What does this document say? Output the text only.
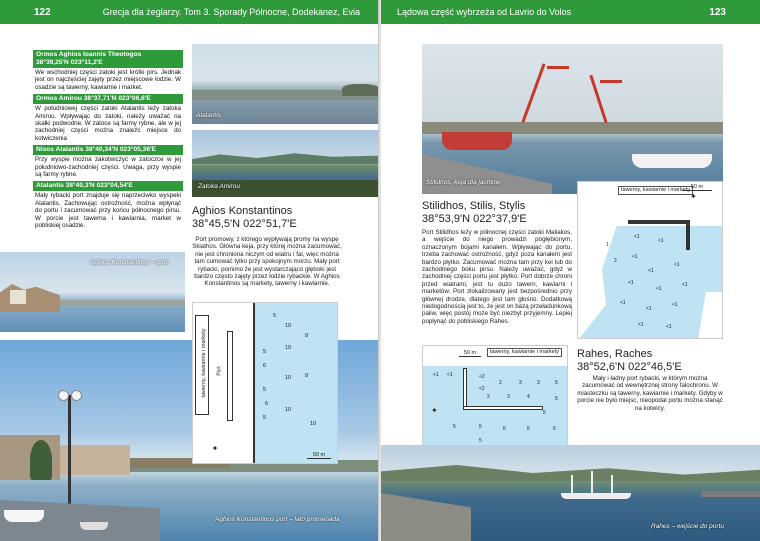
122	Grecja dla żeglarzy. Tom 3. Sporady Północne, Dodekanez, Evia
Ormos Aghios Ioannis Theologos
38°39,25'N 023°11,2'E
We wschodniej części zatoki jest krótki pirs. Jednak jest on najczęściej zajęty przez miejscowe łodzie. W osadzie są tawerny, kawiarnie i market.
Ormos Amirou 38°37,71'N 023°06,6'E
W południowej części zatoki Atalantis leży zatoka Amirou. Wpływając do zatoki, należy uważać na skałki podwodne. W zatoce są farmy rybne, ale w jej zachodniej części można znaleźć miejsce do kotwiczenia
Nisos Atalantis 38°40,34'N 023°05,36'E
Przy wyspie można zakotwiczyć w zatoczce w jej południowo-zachodniej części. Uwaga, przy wyspie są farmy rybne.
Atalantis 38°40,3'N 023°04,54'E
Mały rybacki port znajduje się naprzeciwko wyspeki Atalantis. Zachowując ostrożność, można wpłynąć do portu i zacumować przy końcu północnego pirsu. W porcie jest tawerna i kawiarnia, market w pobliskiej osadzie.
Atalantis
Zatoka Amirou
Aghios Konstantinos – port
Aghios Konstantinos port – lato promenada
Aghios Konstantinos
38°45,5'N 022°51,7'E
Port promowy, z którego wypływają promy na wyspę Skiathos. Główna keja, przy której można zacumować, nie jest chroniona niczym od wiatru i fal, więc można tam cumować tylko przy spokojnym morzu. Mały port rybacki, pomimo że jest wystarczająco głęboki jest bardzo często zajęty przez łodzie rybackie. W Aghios Konstantinos są markety, tawerny i kawiarnie.
tawerny, kawiarnie i markety Port
5
10
8
10
5
6
10
5
6
5
10
8
10
✦
50 m
Lądowa część wybrzeża od Lavrio do Volos	123
Stilidhos, keja dla jachtów
Stilidhos, Stilis, Stylis
38°53,9'N 022°37,9'E
Port Stilidhos leży w północnej części zatoki Maliakos, a wejście do niego prowadzi pogłębionym, oznaczonym bojami kanałem. Wpływając do portu, trzeba zachować ostrożność, gdyż poza kanałem jest bardzo płytko. Zacumować można tam przy kei lub do zachodniego boku pirsu. Należy uważać, gdyż w zachodniej części portu jest płytko. Port dobrze chroni przed wiatrami, jest tu dużo tawern, kawiarni i marketów. Port zlokalizowany jest bezpośrednio przy głównej drodze, dlatego jest tam głośno. Dodatkową niedogodnością jest to, że jest on bazą przeładunkową paliw, więc postój może być niezbyt przyjemny. Lepiej popłynąć do pobliskiego Rahes.
tawerny, kawiarnie i markety
✦
50 m
1
2
<1
<1
<1
<1
<1
<1
<1
<1
<1
<1
<1
<1	<1
tawerny, kawiarnie i markety
50 m
✦
<1 <1	<2
<2
2	3	3	5
5
5
2	3	4
5	5	6	5	5
5
Rahes, Raches
38°52,6'N 022°46,5'E
Mały i ładny port rybacki, w którym można zacumować od wewnętrznej strony falochronu. W miasteczku są tawerny, kawiarnie i markety. Gdyby w porcie nie było miejsc, nieopodal portu można stanąć na kotwicy.
Rahes – wejście do portu
